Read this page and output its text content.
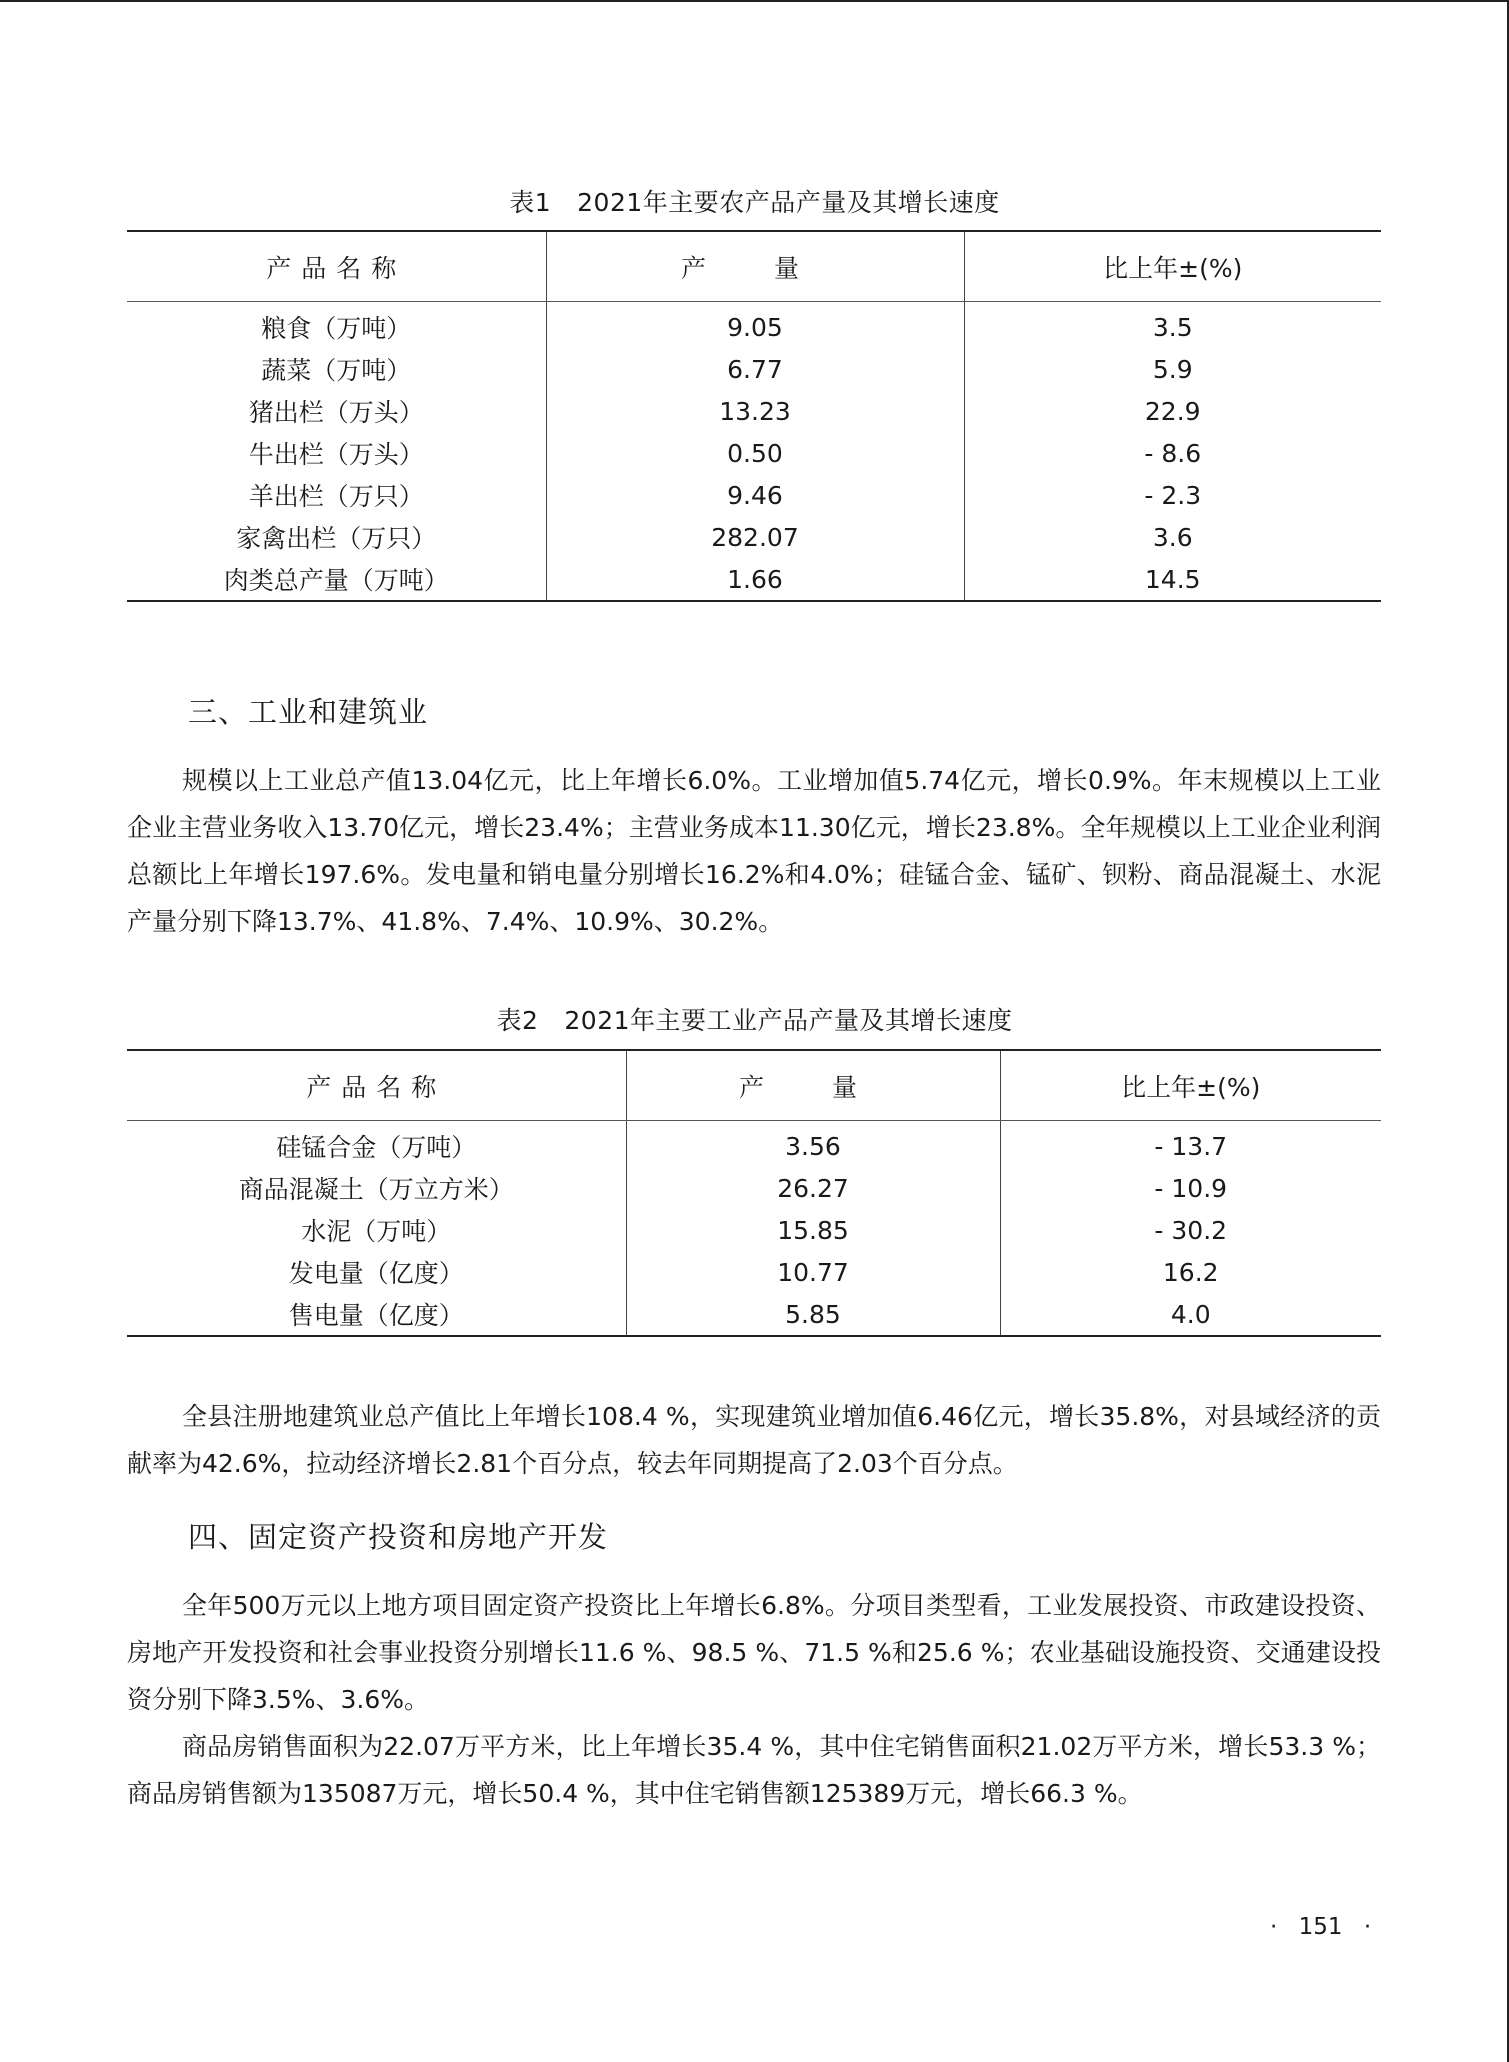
表1 2021年主要农产品产量及其增长速度
产品名称	产 量	比上年±(%)
粮食（万吨）	9.05	3.5
蔬菜（万吨）	6.77	5.9
猪出栏（万头）	13.23	22.9
牛出栏（万头）	0.50	- 8.6
羊出栏（万只）	9.46	- 2.3
家禽出栏（万只）	282.07	3.6
肉类总产量（万吨）	1.66	14.5
三、工业和建筑业

规模以上工业总产值13.04亿元，比上年增长6.0%。工业增加值5.74亿元，增长0.9%。年末规模以上工业企业主营业务收入13.70亿元，增长23.4%；主营业务成本11.30亿元，增长23.8%。全年规模以上工业企业利润总额比上年增长197.6%。发电量和销电量分别增长16.2%和4.0%；硅锰合金、锰矿、钡粉、商品混凝土、水泥产量分别下降13.7%、41.8%、7.4%、10.9%、30.2%。

表2 2021年主要工业产品产量及其增长速度
产品名称	产 量	比上年±(%)
硅锰合金（万吨）	3.56	- 13.7
商品混凝土（万立方米）	26.27	- 10.9
水泥（万吨）	15.85	- 30.2
发电量（亿度）	10.77	16.2
售电量（亿度）	5.85	4.0

全县注册地建筑业总产值比上年增长108.4 %，实现建筑业增加值6.46亿元，增长35.8%，对县域经济的贡献率为42.6%，拉动经济增长2.81个百分点，较去年同期提高了2.03个百分点。

四、固定资产投资和房地产开发

全年500万元以上地方项目固定资产投资比上年增长6.8%。分项目类型看，工业发展投资、市政建设投资、房地产开发投资和社会事业投资分别增长11.6 %、98.5 %、71.5 %和25.6 %；农业基础设施投资、交通建设投资分别下降3.5%、3.6%。

商品房销售面积为22.07万平方米，比上年增长35.4 %，其中住宅销售面积21.02万平方米，增长53.3 %；商品房销售额为135087万元，增长50.4 %，其中住宅销售额125389万元，增长66.3 %。

· 151 ·
